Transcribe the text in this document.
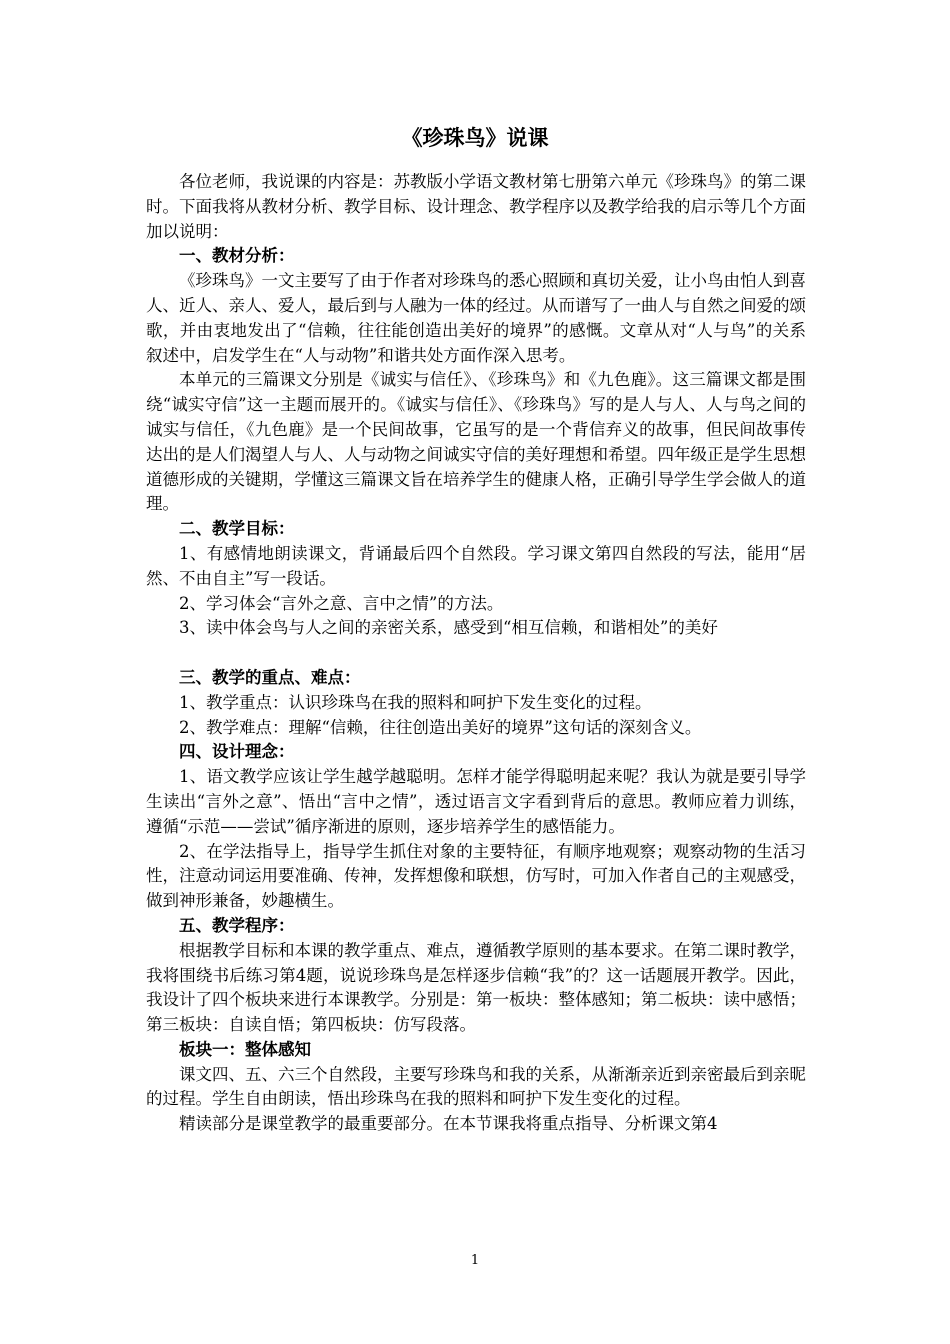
《珍珠鸟》说课

各位老师，我说课的内容是：苏教版小学语文教材第七册第六单元《珍珠鸟》的第二课时。下面我将从教材分析、教学目标、设计理念、教学程序以及教学给我的启示等几个方面加以说明：

一、教材分析：

《珍珠鸟》一文主要写了由于作者对珍珠鸟的悉心照顾和真切关爱，让小鸟由怕人到喜人、近人、亲人、爱人，最后到与人融为一体的经过。从而谱写了一曲人与自然之间爱的颂歌，并由衷地发出了“信赖，往往能创造出美好的境界”的感慨。文章从对“人与鸟”的关系叙述中，启发学生在“人与动物”和谐共处方面作深入思考。

本单元的三篇课文分别是《诚实与信任》、《珍珠鸟》和《九色鹿》。这三篇课文都是围绕“诚实守信”这一主题而展开的。《诚实与信任》、《珍珠鸟》写的是人与人、人与鸟之间的诚实与信任，《九色鹿》是一个民间故事，它虽写的是一个背信弃义的故事，但民间故事传达出的是人们渴望人与人、人与动物之间诚实守信的美好理想和希望。四年级正是学生思想道德形成的关键期，学懂这三篇课文旨在培养学生的健康人格，正确引导学生学会做人的道理。

二、教学目标：

1、有感情地朗读课文，背诵最后四个自然段。学习课文第四自然段的写法，能用“居然、不由自主”写一段话。

2、学习体会“言外之意、言中之情”的方法。

3、读中体会鸟与人之间的亲密关系，感受到“相互信赖，和谐相处”的美好

三、教学的重点、难点：

1、教学重点：认识珍珠鸟在我的照料和呵护下发生变化的过程。

2、教学难点：理解“信赖，往往创造出美好的境界”这句话的深刻含义。

四、设计理念：

1、语文教学应该让学生越学越聪明。怎样才能学得聪明起来呢？我认为就是要引导学生读出“言外之意”、悟出“言中之情”，透过语言文字看到背后的意思。教师应着力训练，遵循“示范——尝试”循序渐进的原则，逐步培养学生的感悟能力。

2、在学法指导上，指导学生抓住对象的主要特征，有顺序地观察；观察动物的生活习性，注意动词运用要准确、传神，发挥想像和联想，仿写时，可加入作者自己的主观感受，做到神形兼备，妙趣横生。

五、教学程序：

根据教学目标和本课的教学重点、难点，遵循教学原则的基本要求。在第二课时教学，我将围绕书后练习第4题，说说珍珠鸟是怎样逐步信赖“我”的？这一话题展开教学。因此，我设计了四个板块来进行本课教学。分别是：第一板块：整体感知；第二板块：读中感悟；第三板块：自读自悟；第四板块：仿写段落。

板块一：整体感知

课文四、五、六三个自然段，主要写珍珠鸟和我的关系，从渐渐亲近到亲密最后到亲昵的过程。学生自由朗读，悟出珍珠鸟在我的照料和呵护下发生变化的过程。

精读部分是课堂教学的最重要部分。在本节课我将重点指导、分析课文第4

1
